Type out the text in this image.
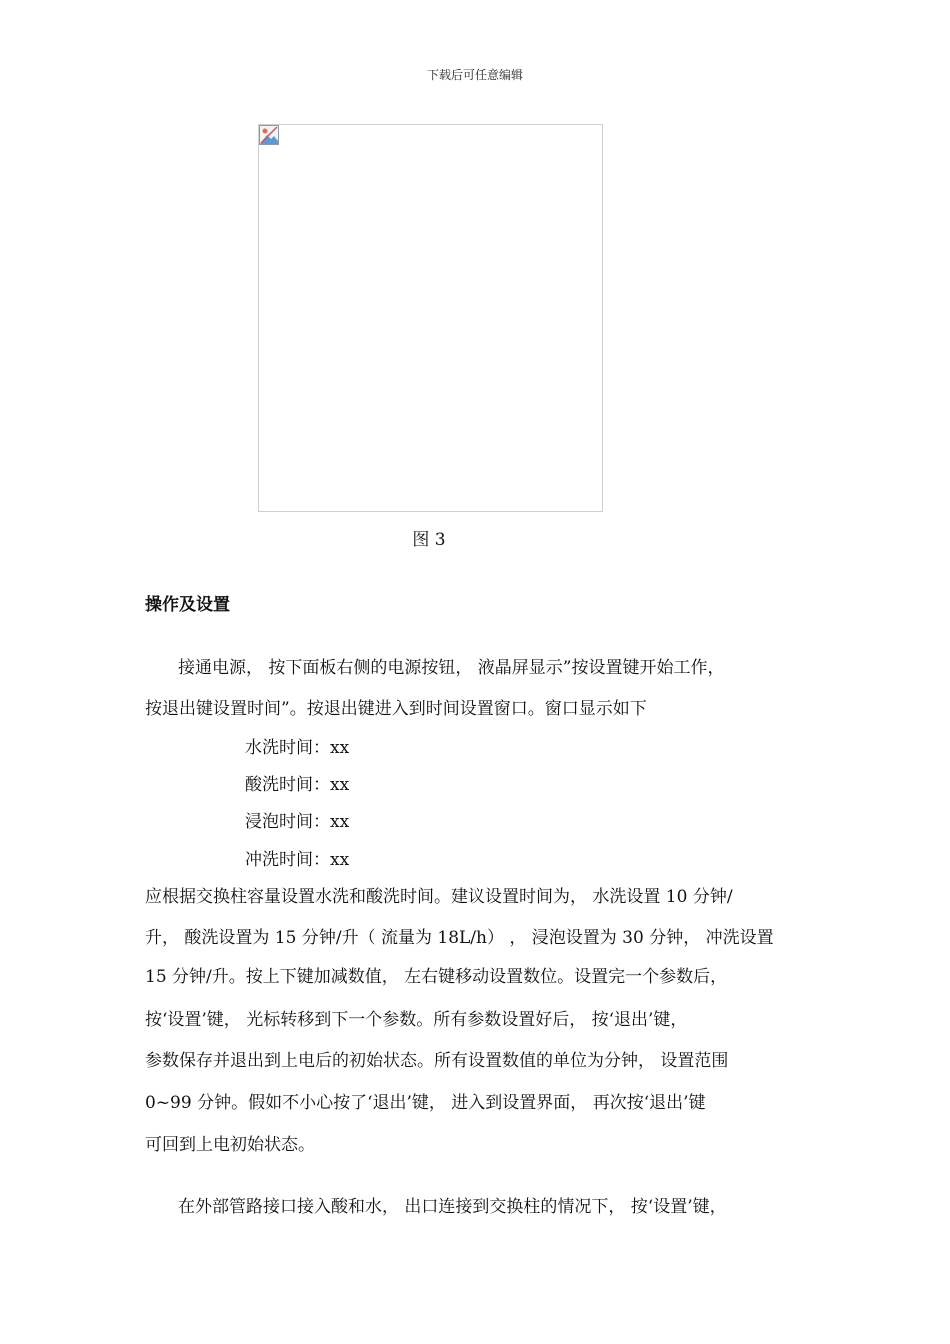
下载后可任意编辑
图 3
操作及设置
接通电源， 按下面板右侧的电源按钮， 液晶屏显示”按设置键开始工作，
按退出键设置时间”。按退出键进入到时间设置窗口。窗口显示如下
水洗时间：xx
酸洗时间：xx
浸泡时间：xx
冲洗时间：xx
应根据交换柱容量设置水洗和酸洗时间。建议设置时间为， 水洗设置 10 分钟/
升， 酸洗设置为 15 分钟/升（ 流量为 18L/h） ， 浸泡设置为 30 分钟， 冲洗设置
15 分钟/升。按上下键加减数值， 左右键移动设置数位。设置完一个参数后，
按‘设置’键， 光标转移到下一个参数。所有参数设置好后， 按‘退出’键，
参数保存并退出到上电后的初始状态。所有设置数值的单位为分钟， 设置范围
0~99 分钟。假如不小心按了‘退出’键， 进入到设置界面， 再次按‘退出’键
可回到上电初始状态。
在外部管路接口接入酸和水， 出口连接到交换柱的情况下， 按‘设置’键，
